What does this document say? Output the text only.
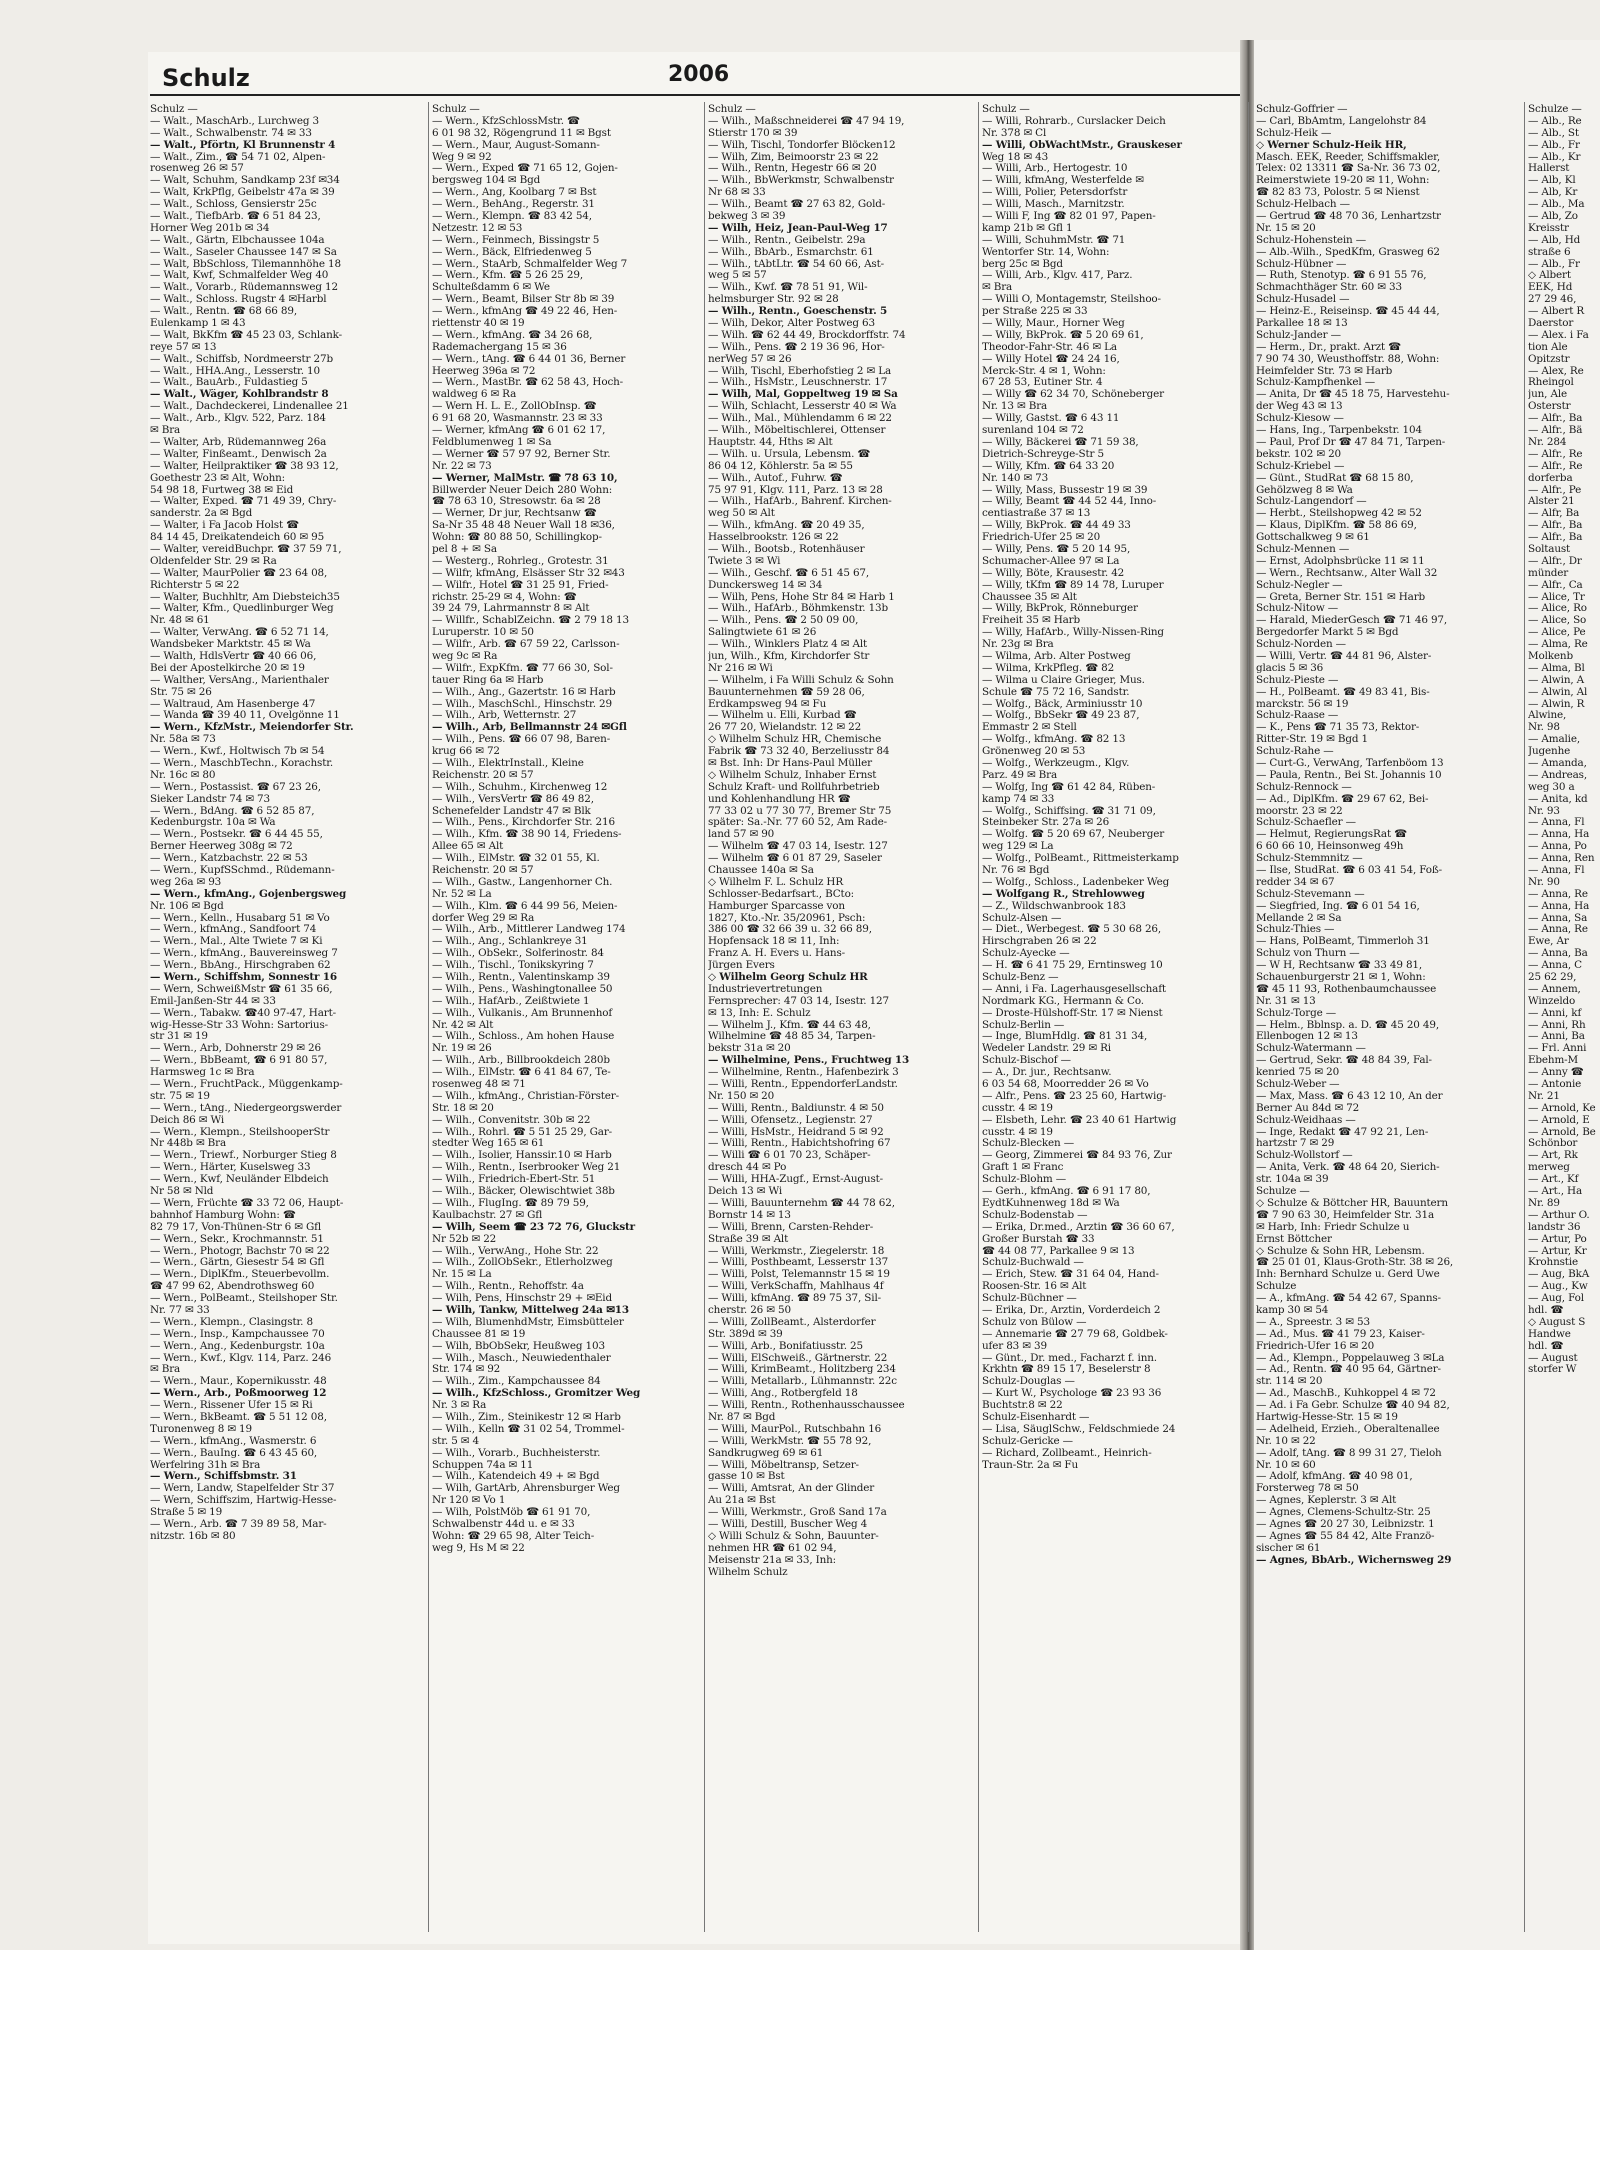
Schulz	2006
Schulz —
— Walt., MaschArb., Lurchweg 3
— Walt., Schwalbenstr. 74 ✉ 33
— Walt., Pförtn, Kl Brunnenstr 4
— Walt., Zim., ☎ 54 71 02, Alpen-
rosenweg 26 ✉ 57
— Walt, Schuhm, Sandkamp 23f ✉34
— Walt, KrkPflg, Geibelstr 47a ✉ 39
— Walt., Schloss, Gensierstr 25c
— Walt., TiefbArb. ☎ 6 51 84 23,
Horner Weg 201b ✉ 34
— Walt., Gärtn, Elbchaussee 104a
— Walt., Saseler Chaussee 147 ✉ Sa
— Walt, BbSchloss, Tilemannhöhe 18
— Walt, Kwf, Schmalfelder Weg 40
— Walt., Vorarb., Rüdemannsweg 12
— Walt., Schloss. Rugstr 4 ✉Harbl
— Walt., Rentn. ☎ 68 66 89,
Eulenkamp 1 ✉ 43
— Walt, BkKfm ☎ 45 23 03, Schlank-
reye 57 ✉ 13
— Walt., Schiffsb, Nordmeerstr 27b
— Walt., HHA.Ang., Lesserstr. 10
— Walt., BauArb., Fuldastieg 5
— Walt., Wäger, Kohlbrandstr 8
— Walt., Dachdeckerei, Lindenallee 21
— Walt., Arb., Klgv. 522, Parz. 184
✉ Bra
— Walter, Arb, Rüdemannweg 26a
— Walter, Finßeamt., Denwisch 2a
— Walter, Heilpraktiker ☎ 38 93 12,
Goethestr 23 ✉ Alt, Wohn:
54 98 18, Furtweg 38 ✉ Eid
— Walter, Exped. ☎ 71 49 39, Chry-
sanderstr. 2a ✉ Bgd
— Walter, i Fa Jacob Holst ☎
84 14 45, Dreikatendeich 60 ✉ 95
— Walter, vereidBuchpr. ☎ 37 59 71,
Oldenfelder Str. 29 ✉ Ra
— Walter, MaurPolier ☎ 23 64 08,
Richterstr 5 ✉ 22
— Walter, Buchhltr, Am Diebsteich35
— Walter, Kfm., Quedlinburger Weg
Nr. 48 ✉ 61
— Walter, VerwAng. ☎ 6 52 71 14,
Wandsbeker Marktstr. 45 ✉ Wa
— Walth, HdlsVertr ☎ 40 66 06,
Bei der Apostelkirche 20 ✉ 19
— Walther, VersAng., Marienthaler
Str. 75 ✉ 26
— Waltraud, Am Hasenberge 47
— Wanda ☎ 39 40 11, Ovelgönne 11
— Wern., KfzMstr., Meiendorfer Str.
Nr. 58a ✉ 73
— Wern., Kwf., Holtwisch 7b ✉ 54
— Wern., MaschbTechn., Korachstr.
Nr. 16c ✉ 80
— Wern., Postassist. ☎ 67 23 26,
Sieker Landstr 74 ✉ 73
— Wern., BdAng. ☎ 6 52 85 87,
Kedenburgstr. 10a ✉ Wa
— Wern., Postsekr. ☎ 6 44 45 55,
Berner Heerweg 308g ✉ 72
— Wern., Katzbachstr. 22 ✉ 53
— Wern., KupfSSchmd., Rüdemann-
weg 26a ✉ 93
— Wern., kfmAng., Gojenbergsweg
Nr. 106 ✉ Bgd
— Wern., Kelln., Husabarg 51 ✉ Vo
— Wern., kfmAng., Sandfoort 74
— Wern., Mal., Alte Twiete 7 ✉ Ki
— Wern., kfmAng., Bauvereinsweg 7
— Wern., BbAng., Hirschgraben 62
— Wern., Schiffshm, Sonnestr 16
— Wern, SchweißMstr ☎ 61 35 66,
Emil-Janßen-Str 44 ✉ 33
— Wern., Tabakw. ☎40 97-47, Hart-
wig-Hesse-Str 33 Wohn: Sartorius-
str 31 ✉ 19
— Wern., Arb, Dohnerstr 29 ✉ 26
— Wern., BbBeamt, ☎ 6 91 80 57,
Harmsweg 1c ✉ Bra
— Wern., FruchtPack., Müggenkamp-
str. 75 ✉ 19
— Wern., tAng., Niedergeorgswerder
Deich 86 ✉ Wi
— Wern., Klempn., SteilshooperStr
Nr 448b ✉ Bra
— Wern., Triewf., Norburger Stieg 8
— Wern., Härter, Kuselsweg 33
— Wern., Kwf, Neuländer Elbdeich
Nr 58 ✉ Nld
— Wern, Früchte ☎ 33 72 06, Haupt-
bahnhof Hamburg Wohn: ☎
82 79 17, Von-Thünen-Str 6 ✉ Gfl
— Wern., Sekr., Krochmannstr. 51
— Wern., Photogr, Bachstr 70 ✉ 22
— Wern., Gärtn, Giesestr 54 ✉ Gfl
— Wern., DiplKfm., Steuerbevollm.
☎ 47 99 62, Abendrothsweg 60
— Wern., PolBeamt., Steilshoper Str.
Nr. 77 ✉ 33
— Wern., Klempn., Clasingstr. 8
— Wern., Insp., Kampchaussee 70
— Wern., Ang., Kedenburgstr. 10a
— Wern., Kwf., Klgv. 114, Parz. 246
✉ Bra
— Wern., Maur., Kopernikusstr. 48
— Wern., Arb., Poßmoorweg 12
— Wern., Rissener Ufer 15 ✉ Ri
— Wern., BkBeamt. ☎ 5 51 12 08,
Turonenweg 8 ✉ 19
— Wern., kfmAng., Wasmerstr. 6
— Wern., BauIng. ☎ 6 43 45 60,
Werfelring 31h ✉ Bra
— Wern., Schiffsbmstr. 31
— Wern, Landw, Stapelfelder Str 37
— Wern, Schiffszim, Hartwig-Hesse-
Straße 5 ✉ 19
— Wern., Arb. ☎ 7 39 89 58, Mar-
nitzstr. 16b ✉ 80
Schulz —
— Wern., KfzSchlossMstr. ☎
6 01 98 32, Rögengrund 11 ✉ Bgst
— Wern., Maur, August-Somann-
Weg 9 ✉ 92
— Wern., Exped ☎ 71 65 12, Gojen-
bergsweg 104 ✉ Bgd
— Wern., Ang, Koolbarg 7 ✉ Bst
— Wern., BehAng., Regerstr. 31
— Wern., Klempn. ☎ 83 42 54,
Netzestr. 12 ✉ 53
— Wern., Feinmech, Bissingstr 5
— Wern., Bäck, Elfriedenweg 5
— Wern., StaArb, Schmalfelder Weg 7
— Wern., Kfm. ☎ 5 26 25 29,
Schulteßdamm 6 ✉ We
— Wern., Beamt, Bilser Str 8b ✉ 39
— Wern., kfmAng ☎ 49 22 46, Hen-
riettenstr 40 ✉ 19
— Wern., kfmAng. ☎ 34 26 68,
Rademachergang 15 ✉ 36
— Wern., tAng. ☎ 6 44 01 36, Berner
Heerweg 396a ✉ 72
— Wern., MastBr. ☎ 62 58 43, Hoch-
waldweg 6 ✉ Ra
— Wern H. L. E., ZollObInsp. ☎
6 91 68 20, Wasmannstr. 23 ✉ 33
— Werner, kfmAng ☎ 6 01 62 17,
Feldblumenweg 1 ✉ Sa
— Werner ☎ 57 97 92, Berner Str.
Nr. 22 ✉ 73
— Werner, MalMstr. ☎ 78 63 10,
Billwerder Neuer Deich 280 Wohn:
☎ 78 63 10, Stresowstr. 6a ✉ 28
— Werner, Dr jur, Rechtsanw ☎
Sa-Nr 35 48 48 Neuer Wall 18 ✉36,
Wohn: ☎ 80 88 50, Schillingkop-
pel 8 + ✉ Sa
— Westerg., Rohrleg., Grotestr. 31
— Wilfr, kfmAng, Elsässer Str 32 ✉43
— Wilfr., Hotel ☎ 31 25 91, Fried-
richstr. 25-29 ✉ 4, Wohn: ☎
39 24 79, Lahrmannstr 8 ✉ Alt
— Willfr., SchablZeichn. ☎ 2 79 18 13
Luruperstr. 10 ✉ 50
— Wilfr., Arb. ☎ 67 59 22, Carlsson-
weg 9c ✉ Ra
— Wilfr., ExpKfm. ☎ 77 66 30, Sol-
tauer Ring 6a ✉ Harb
— Wilh., Ang., Gazertstr. 16 ✉ Harb
— Wilh., MaschSchl., Hinschstr. 29
— Wilh., Arb, Wetternstr. 27
— Wilh., Arb, Bellmannstr 24 ✉Gfl
— Wilh., Pens. ☎ 66 07 98, Baren-
krug 66 ✉ 72
— Wilh., ElektrInstall., Kleine
Reichenstr. 20 ✉ 57
— Wilh., Schuhm., Kirchenweg 12
— Wilh., VersVertr ☎ 86 49 82,
Schenefelder Landstr 47 ✉ Blk
— Wilh., Pens., Kirchdorfer Str. 216
— Wilh., Kfm. ☎ 38 90 14, Friedens-
Allee 65 ✉ Alt
— Wilh., ElMstr. ☎ 32 01 55, Kl.
Reichenstr. 20 ✉ 57
— Wilh., Gastw., Langenhorner Ch.
Nr. 52 ✉ La
— Wilh., Klm. ☎ 6 44 99 56, Meien-
dorfer Weg 29 ✉ Ra
— Wilh., Arb., Mittlerer Landweg 174
— Wilh., Ang., Schlankreye 31
— Wilh., ObSekr., Solferinostr. 84
— Wilh., Tischl., Tonikskyring 7
— Wilh., Rentn., Valentinskamp 39
— Wilh., Pens., Washingtonallee 50
— Wilh., HafArb., Zeißtwiete 1
— Wilh., Vulkanis., Am Brunnenhof
Nr. 42 ✉ Alt
— Wilh., Schloss., Am hohen Hause
Nr. 19 ✉ 26
— Wilh., Arb., Billbrookdeich 280b
— Wilh., ElMstr. ☎ 6 41 84 67, Te-
rosenweg 48 ✉ 71
— Wilh., kfmAng., Christian-Förster-
Str. 18 ✉ 20
— Wilh., Convenitstr. 30b ✉ 22
— Wilh., Rohrl. ☎ 5 51 25 29, Gar-
stedter Weg 165 ✉ 61
— Wilh., Isolier, Hanssir.10 ✉ Harb
— Wilh., Rentn., Iserbrooker Weg 21
— Wilh., Friedrich-Ebert-Str. 51
— Wilh., Bäcker, Olewischtwiet 38b
— Wilh., FlugIng. ☎ 89 79 59,
Kaulbachstr. 27 ✉ Gfl
— Wilh, Seem ☎ 23 72 76, Gluckstr
Nr 52b ✉ 22
— Wilh., VerwAng., Hohe Str. 22
— Wilh., ZollObSekr., Etlerholzweg
Nr. 15 ✉ La
— Wilh., Rentn., Rehoffstr. 4a
— Wilh, Pens, Hinschstr 29 + ✉Eid
— Wilh, Tankw, Mittelweg 24a ✉13
— Wilh, BlumenhdMstr, Eimsbütteler
Chaussee 81 ✉ 19
— Wilh, BbObSekr, Heußweg 103
— Wilh., Masch., Neuwiedenthaler
Str. 174 ✉ 92
— Wilh., Zim., Kampchaussee 84
— Wilh., KfzSchloss., Gromitzer Weg
Nr. 3 ✉ Ra
— Wilh., Zim., Steinikestr 12 ✉ Harb
— Wilh., Kelln ☎ 31 02 54, Trommel-
str. 5 ✉ 4
— Wilh., Vorarb., Buchheisterstr.
Schuppen 74a ✉ 11
— Wilh., Katendeich 49 + ✉ Bgd
— Wilh, GartArb, Ahrensburger Weg
Nr 120 ✉ Vo 1
— Wilh, PolstMöb ☎ 61 91 70,
Schwalbenstr 44d u. e ✉ 33
Wohn: ☎ 29 65 98, Alter Teich-
weg 9, Hs M ✉ 22
Schulz —
— Wilh., Maßschneiderei ☎ 47 94 19,
Stierstr 170 ✉ 39
— Wilh, Tischl, Tondorfer Blöcken12
— Wilh, Zim, Beimoorstr 23 ✉ 22
— Wilh., Rentn, Hegestr 66 ✉ 20
— Wilh., BbWerkmstr, Schwalbenstr
Nr 68 ✉ 33
— Wilh., Beamt ☎ 27 63 82, Gold-
bekweg 3 ✉ 39
— Wilh, Heiz, Jean-Paul-Weg 17
— Wilh., Rentn., Geibelstr. 29a
— Wilh., BbArb., Esmarchstr. 61
— Wilh., tAbtLtr. ☎ 54 60 66, Ast-
weg 5 ✉ 57
— Wilh., Kwf. ☎ 78 51 91, Wil-
helmsburger Str. 92 ✉ 28
— Wilh., Rentn., Goeschenstr. 5
— Wilh, Dekor, Alter Postweg 63
— Wilh. ☎ 62 44 49, Brockdorffstr. 74
— Wilh., Pens. ☎ 2 19 36 96, Hor-
nerWeg 57 ✉ 26
— Wilh, Tischl, Eberhofstieg 2 ✉ La
— Wilh., HsMstr., Leuschnerstr. 17
— Wilh, Mal, Goppeltweg 19 ✉ Sa
— Wilh, Schlacht, Lesserstr 40 ✉ Wa
— Wilh., Mal., Mühlendamm 6 ✉ 22
— Wilh., Möbeltischlerei, Ottenser
Hauptstr. 44, Hths ✉ Alt
— Wilh. u. Ursula, Lebensm. ☎
86 04 12, Köhlerstr. 5a ✉ 55
— Wilh., Autof., Fuhrw. ☎
75 97 91, Klgv. 111, Parz. 13 ✉ 28
— Wilh., HafArb., Bahrenf. Kirchen-
weg 50 ✉ Alt
— Wilh., kfmAng. ☎ 20 49 35,
Hasselbrookstr. 126 ✉ 22
— Wilh., Bootsb., Rotenhäuser
Twiete 3 ✉ Wi
— Wilh., Geschf. ☎ 6 51 45 67,
Dunckersweg 14 ✉ 34
— Wilh, Pens, Hohe Str 84 ✉ Harb 1
— Wilh., HafArb., Böhmkenstr. 13b
— Wilh., Pens. ☎ 2 50 09 00,
Salingtwiete 61 ✉ 26
— Wilh., Winklers Platz 4 ✉ Alt
jun, Wilh., Kfm, Kirchdorfer Str
Nr 216 ✉ Wi
— Wilhelm, i Fa Willi Schulz & Sohn
Bauunternehmen ☎ 59 28 06,
Erdkampsweg 94 ✉ Fu
— Wilhelm u. Elli, Kurbad ☎
26 77 20, Wielandstr. 12 ✉ 22
◇ Wilhelm Schulz HR, Chemische
Fabrik ☎ 73 32 40, Berzeliusstr 84
✉ Bst. Inh: Dr Hans-Paul Müller
◇ Wilhelm Schulz, Inhaber Ernst
Schulz Kraft- und Rollfuhrbetrieb
und Kohlenhandlung HR ☎
77 33 02 u 77 30 77, Bremer Str 75
später: Sa.-Nr. 77 60 52, Am Rade-
land 57 ✉ 90
— Wilhelm ☎ 47 03 14, Isestr. 127
— Wilhelm ☎ 6 01 87 29, Saseler
Chaussee 140a ✉ Sa
◇ Wilhelm F. L. Schulz HR
Schlosser-Bedarfsart., BCto:
Hamburger Sparcasse von
1827, Kto.-Nr. 35/20961, Psch:
386 00 ☎ 32 66 39 u. 32 66 89,
Hopfensack 18 ✉ 11, Inh:
Franz A. H. Evers u. Hans-
Jürgen Evers
◇ Wilhelm Georg Schulz HR
Industrievertretungen
Fernsprecher: 47 03 14, Isestr. 127
✉ 13, Inh: E. Schulz
— Wilhelm J., Kfm. ☎ 44 63 48,
Wilhelmine ☎ 48 85 34, Tarpen-
bekstr 31a ✉ 20
— Wilhelmine, Pens., Fruchtweg 13
— Wilhelmine, Rentn., Hafenbezirk 3
— Willi, Rentn., EppendorferLandstr.
Nr. 150 ✉ 20
— Willi, Rentn., Baldiunstr. 4 ✉ 50
— Willi, Ofensetz., Legienstr. 27
— Willi, HsMstr., Heidrand 5 ✉ 92
— Willi, Rentn., Habichtshofring 67
— Willi ☎ 6 01 70 23, Schäper-
dresch 44 ✉ Po
— Willi, HHA-Zugf., Ernst-August-
Deich 13 ✉ Wi
— Willi, Bauunternehm ☎ 44 78 62,
Bornstr 14 ✉ 13
— Willi, Brenn, Carsten-Rehder-
Straße 39 ✉ Alt
— Willi, Werkmstr., Ziegelerstr. 18
— Willi, Posthbeamt, Lesserstr 137
— Willi, Polst, Telemannstr 15 ✉ 19
— Willi, VerkSchaffn, Mahlhaus 4f
— Willi, kfmAng. ☎ 89 75 37, Sil-
cherstr. 26 ✉ 50
— Willi, ZollBeamt., Alsterdorfer
Str. 389d ✉ 39
— Willi, Arb., Bonifatiusstr. 25
— Willi, ElSchweiß., Gärtnerstr. 22
— Willi, KrimBeamt., Holitzberg 234
— Willi, Metallarb., Lühmannstr. 22c
— Willi, Ang., Rotbergfeld 18
— Willi, Rentn., Rothenhausschaussee
Nr. 87 ✉ Bgd
— Willi, MaurPol., Rutschbahn 16
— Willi, WerkMstr. ☎ 55 78 92,
Sandkrugweg 69 ✉ 61
— Willi, Möbeltransp, Setzer-
gasse 10 ✉ Bst
— Willi, Amtsrat, An der Glinder
Au 21a ✉ Bst
— Willi, Werkmstr., Groß Sand 17a
— Willi, Destill, Buscher Weg 4
◇ Willi Schulz & Sohn, Bauunter-
nehmen HR ☎ 61 02 94,
Meisenstr 21a ✉ 33, Inh:
Wilhelm Schulz
Schulz —
— Willi, Rohrarb., Curslacker Deich
Nr. 378 ✉ Cl
— Willi, ObWachtMstr., Grauskeser
Weg 18 ✉ 43
— Willi, Arb., Hertogestr. 10
— Willi, kfmAng, Westerfelde ✉
— Willi, Polier, Petersdorfstr
— Willi, Masch., Marnitzstr.
— Willi F, Ing ☎ 82 01 97, Papen-
kamp 21b ✉ Gfl 1
— Willi, SchuhmMstr. ☎ 71
Wentorfer Str. 14, Wohn:
berg 25c ✉ Bgd
— Willi, Arb., Klgv. 417, Parz.
✉ Bra
— Willi O, Montagemstr, Steilshoo-
per Straße 225 ✉ 33
— Willy, Maur., Horner Weg
— Willy, BkProk. ☎ 5 20 69 61,
Theodor-Fahr-Str. 46 ✉ La
— Willy Hotel ☎ 24 24 16,
Merck-Str. 4 ✉ 1, Wohn:
67 28 53, Eutiner Str. 4
— Willy ☎ 62 34 70, Schöneberger
Nr. 13 ✉ Bra
— Willy, Gastst. ☎ 6 43 11
surenland 104 ✉ 72
— Willy, Bäckerei ☎ 71 59 38,
Dietrich-Schreyge-Str 5
— Willy, Kfm. ☎ 64 33 20
Nr. 140 ✉ 73
— Willy, Mass, Bussestr 19 ✉ 39
— Willy, Beamt ☎ 44 52 44, Inno-
centiastraße 37 ✉ 13
— Willy, BkProk. ☎ 44 49 33
Friedrich-Ufer 25 ✉ 20
— Willy, Pens. ☎ 5 20 14 95,
Schumacher-Allee 97 ✉ La
— Willy, Böte, Krausestr. 42
— Willy, tKfm ☎ 89 14 78, Luruper
Chaussee 35 ✉ Alt
— Willy, BkProk, Rönneburger
Freiheit 35 ✉ Harb
— Willy, HafArb., Willy-Nissen-Ring
Nr. 23g ✉ Bra
— Wilma, Arb. Alter Postweg
— Wilma, KrkPfleg. ☎ 82
— Wilma u Claire Grieger, Mus.
Schule ☎ 75 72 16, Sandstr.
— Wolfg., Bäck, Arminiusstr 10
— Wolfg., BbSekr ☎ 49 23 87,
Emmastr 2 ✉ Stell
— Wolfg., kfmAng. ☎ 82 13
Grönenweg 20 ✉ 53
— Wolfg., Werkzeugm., Klgv.
Parz. 49 ✉ Bra
— Wolfg, Ing ☎ 61 42 84, Rüben-
kamp 74 ✉ 33
— Wolfg., Schiffsing. ☎ 31 71 09,
Steinbeker Str. 27a ✉ 26
— Wolfg. ☎ 5 20 69 67, Neuberger
weg 129 ✉ La
— Wolfg., PolBeamt., Rittmeisterkamp
Nr. 76 ✉ Bgd
— Wolfg., Schloss., Ladenbeker Weg
— Wolfgang R., Strehlowweg
— Z., Wildschwanbrook 183
Schulz-Alsen —
— Diet., Werbegest. ☎ 5 30 68 26,
Hirschgraben 26 ✉ 22
Schulz-Ayecke —
— H. ☎ 6 41 75 29, Erntinsweg 10
Schulz-Benz —
— Anni, i Fa. Lagerhausgesellschaft
Nordmark KG., Hermann & Co.
— Droste-Hülshoff-Str. 17 ✉ Nienst
Schulz-Berlin —
— Inge, BlumHdlg. ☎ 81 31 34,
Wedeler Landstr. 29 ✉ Ri
Schulz-Bischof —
— A., Dr. jur., Rechtsanw.
6 03 54 68, Moorredder 26 ✉ Vo
— Alfr., Pens. ☎ 23 25 60, Hartwig-
cusstr. 4 ✉ 19
— Elsbeth, Lehr. ☎ 23 40 61 Hartwig
cusstr. 4 ✉ 19
Schulz-Blecken —
— Georg, Zimmerei ☎ 84 93 76, Zur
Graft 1 ✉ Franc
Schulz-Blohm —
— Gerh., kfmAng. ☎ 6 91 17 80,
EydtKuhnenweg 18d ✉ Wa
Schulz-Bodenstab —
— Erika, Dr.med., Ärztin ☎ 36 60 67,
Großer Burstah ☎ 33
☎ 44 08 77, Parkallee 9 ✉ 13
Schulz-Buchwald —
— Erich, Stew. ☎ 31 64 04, Hand-
Roosen-Str. 16 ✉ Alt
Schulz-Büchner —
— Erika, Dr., Ärztin, Vorderdeich 2
Schulz von Bülow —
— Annemarie ☎ 27 79 68, Goldbek-
ufer 83 ✉ 39
— Günt., Dr. med., Facharzt f. inn.
Krkhtn ☎ 89 15 17, Beselerstr 8
Schulz-Douglas —
— Kurt W., Psychologe ☎ 23 93 36
Buchtstr.8 ✉ 22
Schulz-Eisenhardt —
— Lisa, SäuglSchw., Feldschmiede 24
Schulz-Gericke —
— Richard, Zollbeamt., Heinrich-
Traun-Str. 2a ✉ Fu
Schulz-Goffrier —
— Carl, BbAmtm, Langelohstr 84
Schulz-Heik —
◇ Werner Schulz-Heik HR,
Masch. EEK, Reeder, Schiffsmakler,
Telex: 02 13311 ☎ Sa-Nr. 36 73 02,
Reimerstwiete 19-20 ✉ 11, Wohn:
☎ 82 83 73, Polostr. 5 ✉ Nienst
Schulz-Helbach —
— Gertrud ☎ 48 70 36, Lenhartzstr
Nr. 15 ✉ 20
Schulz-Hohenstein —
— Alb.-Wilh., SpedKfm, Grasweg 62
Schulz-Hübner —
— Ruth, Stenotyp. ☎ 6 91 55 76,
Schmachthäger Str. 60 ✉ 33
Schulz-Husadel —
— Heinz-E., Reiseinsp. ☎ 45 44 44,
Parkallee 18 ✉ 13
Schulz-Jander —
— Herm., Dr., prakt. Arzt ☎
7 90 74 30, Weusthoffstr. 88, Wohn:
Heimfelder Str. 73 ✉ Harb
Schulz-Kampfhenkel —
— Anita, Dr ☎ 45 18 75, Harvestehu-
der Weg 43 ✉ 13
Schulz-Kiesow —
— Hans, Ing., Tarpenbekstr. 104
— Paul, Prof Dr ☎ 47 84 71, Tarpen-
bekstr. 102 ✉ 20
Schulz-Kriebel —
— Günt., StudRat ☎ 68 15 80,
Gehölzweg 8 ✉ Wa
Schulz-Langendorf —
— Herbt., Steilshopweg 42 ✉ 52
— Klaus, DiplKfm. ☎ 58 86 69,
Gottschalkweg 9 ✉ 61
Schulz-Mennen —
— Ernst, Adolphsbrücke 11 ✉ 11
— Wern., Rechtsanw., Alter Wall 32
Schulz-Negler —
— Greta, Berner Str. 151 ✉ Harb
Schulz-Nitow —
— Harald, MiederGesch ☎ 71 46 97,
Bergedorfer Markt 5 ✉ Bgd
Schulz-Norden —
— Willi, Vertr. ☎ 44 81 96, Alster-
glacis 5 ✉ 36
Schulz-Pieste —
— H., PolBeamt. ☎ 49 83 41, Bis-
marckstr. 56 ✉ 19
Schulz-Raase —
— K., Pens ☎ 71 35 73, Rektor-
Ritter-Str. 19 ✉ Bgd 1
Schulz-Rahe —
— Curt-G., VerwAng, Tarfenböom 13
— Paula, Rentn., Bei St. Johannis 10
Schulz-Rennock —
— Ad., DiplKfm. ☎ 29 67 62, Bei-
moorstr. 23 ✉ 22
Schulz-Schaefler —
— Helmut, RegierungsRat ☎
6 60 66 10, Heinsonweg 49h
Schulz-Stemmnitz —
— Ilse, StudRat. ☎ 6 03 41 54, Foß-
redder 34 ✉ 67
Schulz-Stevemann —
— Siegfried, Ing. ☎ 6 01 54 16,
Mellande 2 ✉ Sa
Schulz-Thies —
— Hans, PolBeamt, Timmerloh 31
Schulz von Thurn —
— W H, Rechtsanw ☎ 33 49 81,
Schauenburgerstr 21 ✉ 1, Wohn:
☎ 45 11 93, Rothenbaumchaussee
Nr. 31 ✉ 13
Schulz-Torge —
— Helm., Bblnsp. a. D. ☎ 45 20 49,
Ellenbogen 12 ✉ 13
Schulz-Watermann —
— Gertrud, Sekr. ☎ 48 84 39, Fal-
kenried 75 ✉ 20
Schulz-Weber —
— Max, Mass. ☎ 6 43 12 10, An der
Berner Au 84d ✉ 72
Schulz-Weidhaas —
— Inge, Redakt ☎ 47 92 21, Len-
hartzstr 7 ✉ 29
Schulz-Wollstorf —
— Anita, Verk. ☎ 48 64 20, Sierich-
str. 104a ✉ 39
Schulze —
◇ Schulze & Böttcher HR, Bauuntern
☎ 7 90 63 30, Heimfelder Str. 31a
✉ Harb, Inh: Friedr Schulze u
Ernst Böttcher
◇ Schulze & Sohn HR, Lebensm.
☎ 25 01 01, Klaus-Groth-Str. 38 ✉ 26,
Inh: Bernhard Schulze u. Gerd Uwe
Schulze
— A., kfmAng. ☎ 54 42 67, Spanns-
kamp 30 ✉ 54
— A., Spreestr. 3 ✉ 53
— Ad., Mus. ☎ 41 79 23, Kaiser-
Friedrich-Ufer 16 ✉ 20
— Ad., Klempn., Poppelauweg 3 ✉La
— Ad., Rentn. ☎ 40 95 64, Gärtner-
str. 114 ✉ 20
— Ad., MaschB., Kuhkoppel 4 ✉ 72
— Ad. i Fa Gebr. Schulze ☎ 40 94 82,
Hartwig-Hesse-Str. 15 ✉ 19
— Adelheid, Erzieh., Oberaltenallee
Nr. 10 ✉ 22
— Adolf, tAng. ☎ 8 99 31 27, Tieloh
Nr. 10 ✉ 60
— Adolf, kfmAng. ☎ 40 98 01,
Forsterweg 78 ✉ 50
— Agnes, Keplerstr. 3 ✉ Alt
— Agnes, Clemens-Schultz-Str. 25
— Agnes ☎ 20 27 30, Leibnizstr. 1
— Agnes ☎ 55 84 42, Alte Franzö-
sischer ✉ 61
— Agnes, BbArb., Wichernsweg 29
Schulze —
— Alb., Re
— Alb., St
— Alb., Fr
— Alb., Kr
Hallerst
— Alb, Kl
— Alb, Kr
— Alb., Ma
— Alb, Zo
Kreisstr
— Alb, Hd
straße 6
— Alb., Fr
◇ Albert
EEK, Hd
27 29 46,
— Albert R
Daerstor
— Alex. i Fa
tion Ale
Opitzstr
— Alex, Re
Rheingol
jun, Ale
Osterstr
— Alfr., Ba
— Alfr., Bä
Nr. 284
— Alfr., Re
— Alfr., Re
dorferba
— Alfr., Pe
Alster 21
— Alfr, Ba
— Alfr., Ba
— Alfr., Ba
Soltaust
— Alfr., Dr
münder
— Alfr., Ca
— Alice, Tr
— Alice, Ro
— Alice, So
— Alice, Pe
— Alma, Re
Molkenb
— Alma, Bl
— Alwin, A
— Alwin, Al
— Alwin, R
Alwine,
Nr. 98
— Amalie,
Jugenhe
— Amanda,
— Andreas,
weg 30 a
— Anita, kd
Nr. 93
— Anna, Fl
— Anna, Ha
— Anna, Po
— Anna, Ren
— Anna, Fl
Nr. 90
— Anna, Re
— Anna, Ha
— Anna, Sa
— Anna, Re
Ewe, Ar
— Anna, Ba
— Anna, C
25 62 29,
— Annem,
Winzeldo
— Anni, kf
— Anni, Rh
— Anni, Ba
— Frl. Anni
Ebehm-M
— Anny ☎
— Antonie
Nr. 21
— Arnold, Ke
— Arnold, E
— Arnold, Be
Schönbor
— Art, Rk
merweg
— Art., Kf
— Art., Ha
Nr. 89
— Arthur O.
landstr 36
— Artur, Po
— Artur, Kr
Krohnstie
— Aug, BkA
— Aug., Kw
— Aug, Fol
hdl. ☎
◇ August S
Handwe
hdl. ☎
— August
storfer W
